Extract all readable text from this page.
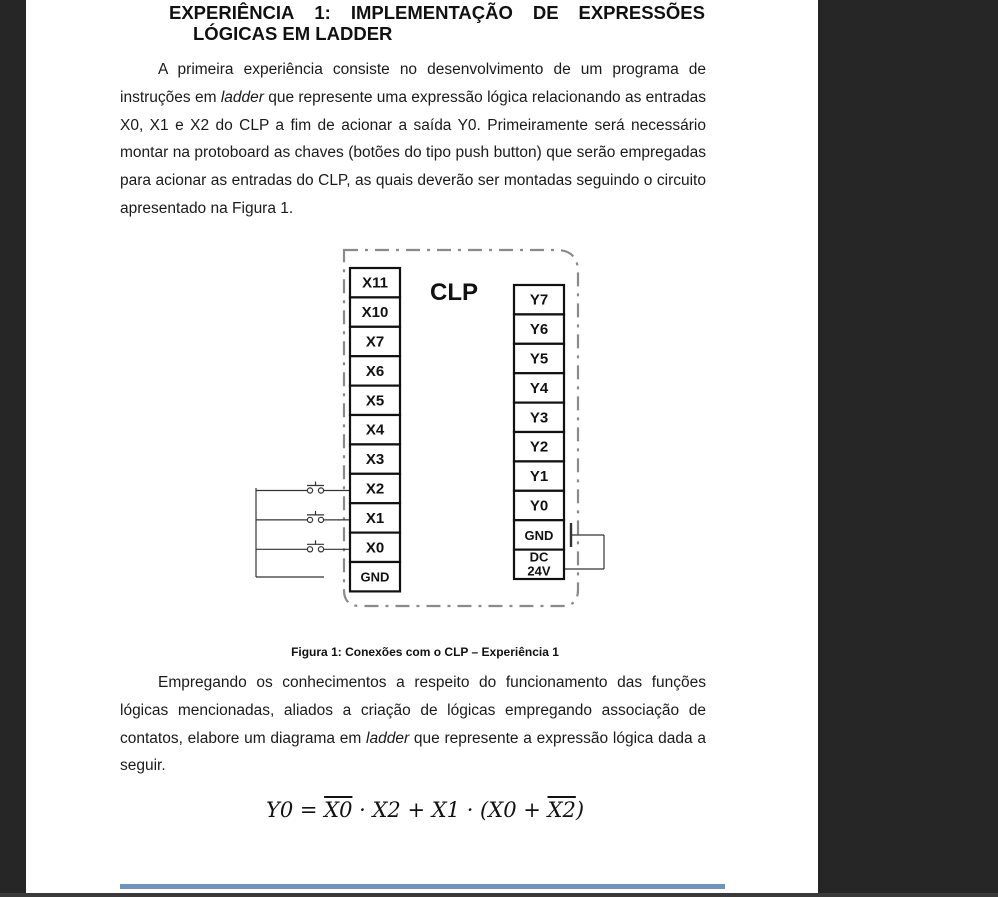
EXPERIÊNCIA 1: IMPLEMENTAÇÃO DE EXPRESSÕES
LÓGICAS EM LADDER
A primeira experiência consiste no desenvolvimento de um programa de instruções em ladder que represente uma expressão lógica relacionando as entradas X0, X1 e X2 do CLP a fim de acionar a saída Y0. Primeiramente será necessário montar na protoboard as chaves (botões do tipo push button) que serão empregadas para acionar as entradas do CLP, as quais deverão ser montadas seguindo o circuito apresentado na Figura 1.
CLP
X11
X10
X7
X6
X5
X4
X3
X2
X1
X0
GND
Y7
Y6
Y5
Y4
Y3
Y2
Y1
Y0
GND
DC
24V
Figura 1: Conexões com o CLP – Experiência 1
Empregando os conhecimentos a respeito do funcionamento das funções lógicas mencionadas, aliados a criação de lógicas empregando associação de contatos, elabore um diagrama em ladder que represente a expressão lógica dada a seguir.
Y0 = X0 · X2 + X1 · (X0 + X2)
